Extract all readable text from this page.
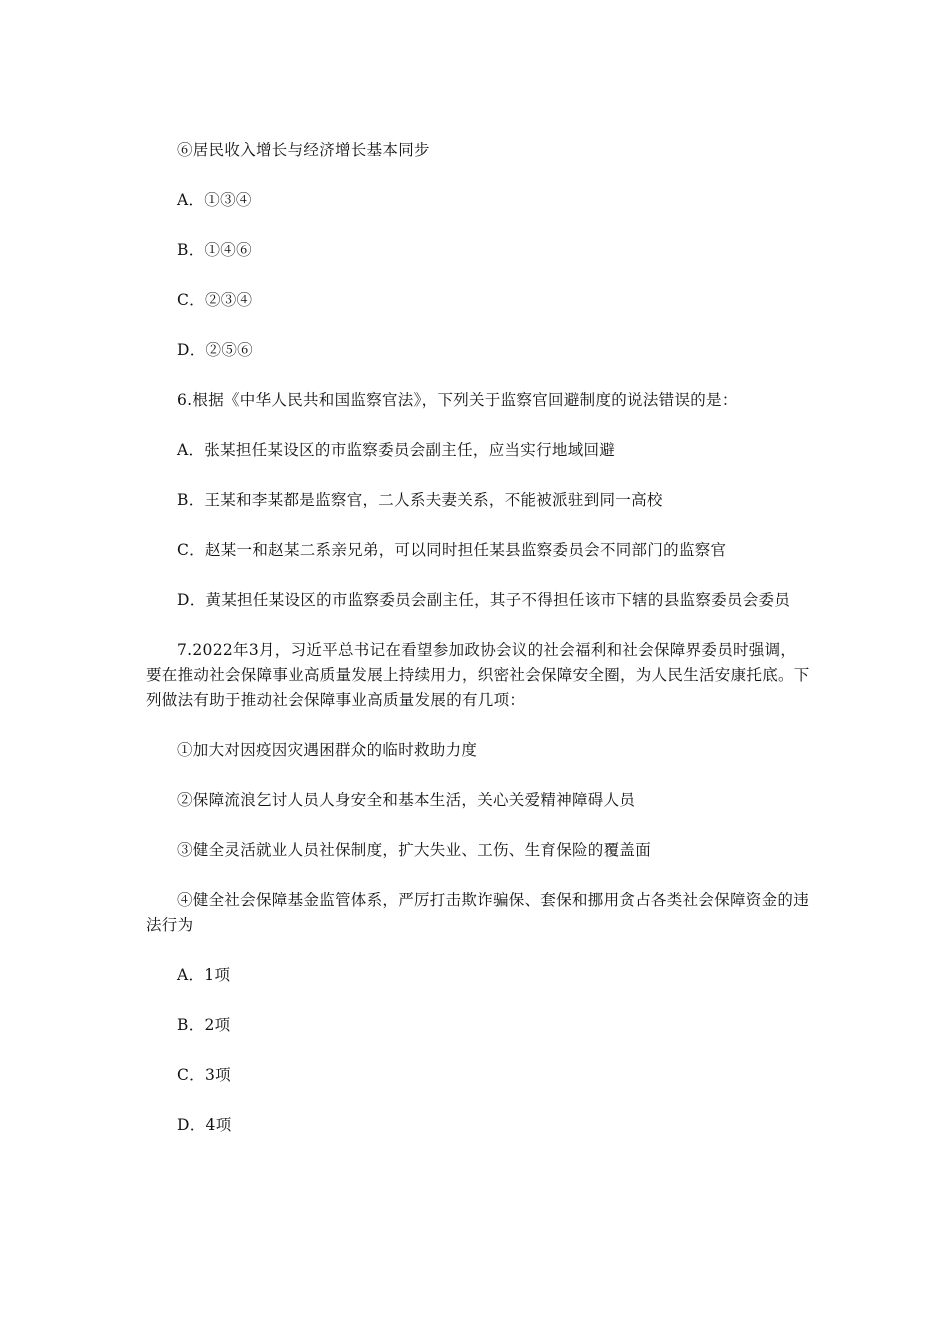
⑥居民收入增长与经济增长基本同步

A．①③④

B．①④⑥

C．②③④

D．②⑤⑥

6.根据《中华人民共和国监察官法》，下列关于监察官回避制度的说法错误的是：

A．张某担任某设区的市监察委员会副主任，应当实行地域回避

B．王某和李某都是监察官，二人系夫妻关系，不能被派驻到同一高校

C．赵某一和赵某二系亲兄弟，可以同时担任某县监察委员会不同部门的监察官

D．黄某担任某设区的市监察委员会副主任，其子不得担任该市下辖的县监察委员会委员

7.2022年3月，习近平总书记在看望参加政协会议的社会福利和社会保障界委员时强调，要在推动社会保障事业高质量发展上持续用力，织密社会保障安全圈，为人民生活安康托底。下列做法有助于推动社会保障事业高质量发展的有几项：

①加大对因疫因灾遇困群众的临时救助力度

②保障流浪乞讨人员人身安全和基本生活，关心关爱精神障碍人员

③健全灵活就业人员社保制度，扩大失业、工伤、生育保险的覆盖面

④健全社会保障基金监管体系，严厉打击欺诈骗保、套保和挪用贪占各类社会保障资金的违法行为

A．1项

B．2项

C．3项

D．4项
